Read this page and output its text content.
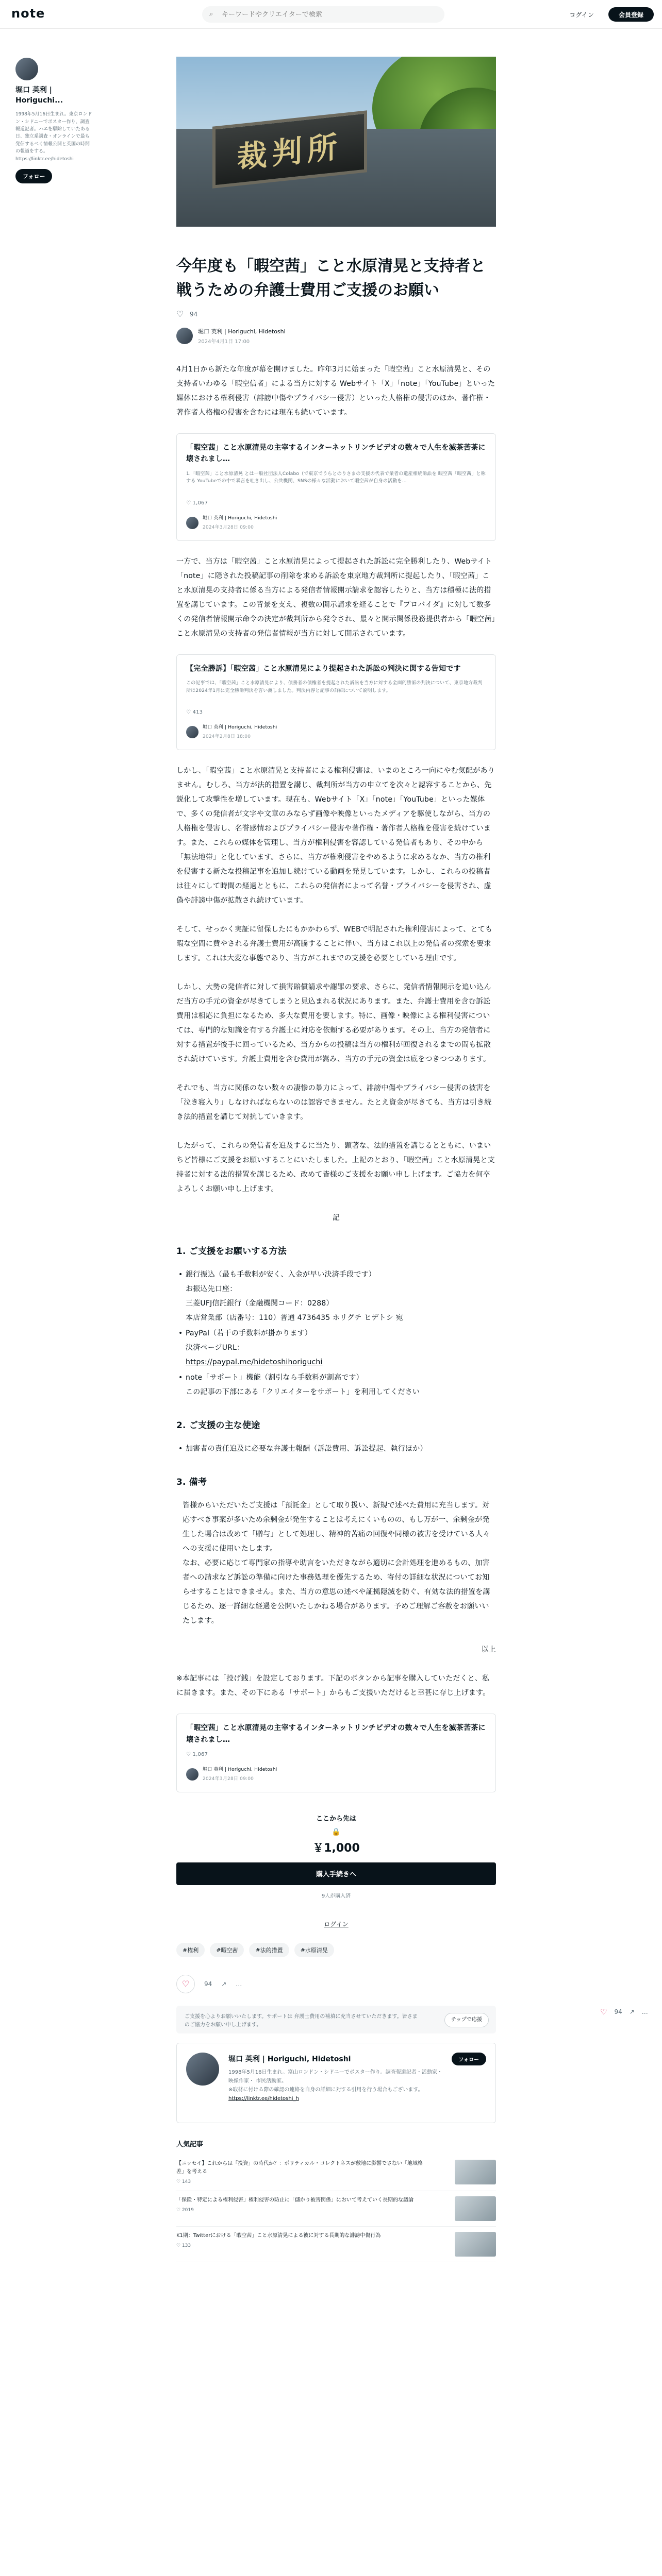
note	⌕
キーワードやクリエイターで検索	ログイン	会員登録
堀口 英利 | Horiguchi...
1998年5月16日生まれ。東京ロンドン・シドニーでポスター作り、調査報道記者。ハエを駆除していたある日、独立系調査・オンラインで最も発信するべく情報公開と英国の時間の報道をする。https://linktr.ee/hidetoshi
フォロー
裁判所
今年度も「暇空茜」こと水原清晃と支持者と戦うための弁護士費用ご支援のお願い
♡ 94
堀口 英利 | Horiguchi, Hidetoshi
2024年4月1日 17:00

4月1日から新たな年度が幕を開けました。昨年3月に始まった「暇空茜」こと水原清晃と、その支持者いわゆる「暇空信者」による当方に対する Webサイト「X」「note」「YouTube」といった媒体における権利侵害（誹謗中傷やプライバシー侵害）といった人格権の侵害のほか、著作権・著作者人格権の侵害を含むには現在も続いています。

「暇空茜」こと水原清晃の主宰するインターネットリンチビデオの数々で人生を滅茶苦茶に壊されまし…
1.「暇空茜」こと水原清晃 とは一般社団法人Colabo（で東京でうらとのりさまの支援の代表で業者の遺産相続訴訟を 暇空茜「暇空茜」と称する YouTubeでの中で暴言を吐き出し、公共機関、SNSの様々な活動において暇空茜が自身の活動を…
♡ 1,067
堀口 英利 | Horiguchi, Hidetoshi
2024年3月28日 09:00

一方で、当方は「暇空茜」こと水原清晃によって提起された訴訟に完全勝利したり、Webサイト「note」に隠された投稿記事の削除を求める訴訟を東京地方裁判所に提起したり、「暇空茜」こと水原清晃の支持者に係る当方による発信者情報開示請求を認容したりと、当方は積極に法的措置を講じています。この背景を支え、複数の開示請求を経ることで『プロバイダ』に対して数多くの発信者情報開示命令の決定が裁判所から発令され、最々と開示関係役務提供者から「暇空茜」こと水原清晃の支持者の発信者情報が当方に対して開示されています。

【完全勝訴】「暇空茜」こと水原清晃により提起された訴訟の判決に関する告知です
この記事では、「暇空茜」こと水原清晃により、債務者の債権者を提起された訴訟を当方に対する全面的勝訴の判決について、東京地方裁判所は2024年1月に完全勝訴判決を言い渡しました。判決内容と記事の詳細について説明します。
♡ 413
堀口 英利 | Horiguchi, Hidetoshi
2024年2月8日 18:00

しかし、「暇空茜」こと水原清晃と支持者による権利侵害は、いまのところ一向にやむ気配がありません。むしろ、当方が法的措置を講じ、裁判所が当方の申立てを次々と認容することから、先鋭化して攻撃性を増しています。現在も、Webサイト「X」「note」「YouTube」といった媒体で、多くの発信者が文字や文章のみならず画像や映像といったメディアを駆使しながら、当方の人格権を侵害し、名誉感情およびプライバシー侵害や著作権・著作者人格権を侵害を続けています。また、これらの媒体を管理し、当方が権利侵害を容認している発信者もあり、その中から「無法地帯」と化しています。さらに、当方が権利侵害をやめるように求めるなか、当方の権利を侵害する新たな投稿記事を追加し続けている動画を発見しています。しかし、これらの投稿者は往々にして時間の経過とともに、これらの発信者によって名誉・プライバシーを侵害され、虚偽や誹謗中傷が拡散され続けています。

そして、せっかく実証に留保したにもかかわらず、WEBで明記された権利侵害によって、とても暇な空間に費やされる弁護士費用が高騰することに伴い、当方はこれ以上の発信者の探索を要求します。これは大変な事態であり、当方がこれまでの支援を必要としている理由です。

しかし、大勢の発信者に対して損害賠償請求や謝罪の要求、さらに、発信者情報開示を追い込んだ当方の手元の資金が尽きてしまうと見込まれる状況にあります。また、弁護士費用を含む訴訟費用は相応に負担になるため、多大な費用を要します。特に、画像・映像による権利侵害については、専門的な知識を有する弁護士に対応を依頼する必要があります。その上、当方の発信者に対する措置が後手に回っているため、当方からの投稿は当方の権利が回復されるまでの間も拡散され続けています。弁護士費用を含む費用が嵩み、当方の手元の資金は底をつきつつあります。

それでも、当方に関係のない数々の凄惨の暴力によって、誹謗中傷やプライバシー侵害の被害を「泣き寝入り」しなければならないのは認容できません。たとえ資金が尽きても、当方は引き続き法的措置を講じて対抗していきます。

したがって、これらの発信者を追及するに当たり、顕著な、法的措置を講じるとともに、いまいちど皆様にご支援をお願いすることにいたしました。上記のとおり、「暇空茜」こと水原清晃と支持者に対する法的措置を講じるため、改めて皆様のご支援をお願い申し上げます。ご協力を何卒よろしくお願い申し上げます。

記

1. ご支援をお願いする方法
• 銀行振込（最も手数料が安く、入金が早い決済手段です）
お振込先口座：
三菱UFJ信託銀行（金融機関コード：0288）
本店営業部（店番号：110）普通 4736435 ホリグチ ヒデトシ 宛
• PayPal（若干の手数料が掛かります）
決済ページURL：
https://paypal.me/hidetoshihoriguchi
• note「サポート」機能（割引なら手数料が割高です）
この記事の下部にある「クリエイターをサポート」を利用してください
2. ご支援の主な使途
• 加害者の責任追及に必要な弁護士報酬（訴訟費用、訴訟提起、執行ほか）
3. 備考

皆様からいただいたご支援は「預託金」として取り扱い、新規で述べた費用に充当します。対応すべき事案が多いため余剰金が発生することは考えにくいものの、もし万が一、余剰金が発生した場合は改めて「贈与」として処理し、精神的苦痛の回復や同様の被害を受けている人々への支援に使用いたします。

なお、必要に応じて専門家の指導や助言をいただきながら適切に会計処理を進めるもの、加害者への請求など訴訟の準備に向けた事務処理を優先するため、寄付の詳細な状況についてお知らせすることはできません。また、当方の意思の述べや証拠隠滅を防ぐ、有効な法的措置を講じるため、逐一詳細な経過を公開いたしかねる場合があります。予めご理解ご容赦をお願いいたします。

以上

※本記事には「投げ銭」を設定しております。下記のボタンから記事を購入していただくと、私に届きます。また、その下にある「サポート」からもご支援いただけると幸甚に存じ上げます。

「暇空茜」こと水原清晃の主宰するインターネットリンチビデオの数々で人生を滅茶苦茶に壊されまし…
♡ 1,067
堀口 英利 | Horiguchi, Hidetoshi
2024年3月28日 09:00
ここから先は
🔒
￥1,000
購入手続きへ
9人が購入済
ログイン
#権利	#暇空茜	#法的措置	#水原清晃
♡ 94 ↗ …
ご支援を心よりお願いいたします。サポートは 弁護士費用の補填に充当させていただきます。皆さま のご協力をお願い申し上げます。
チップで応援
堀口 英利 | Horiguchi, Hidetoshi	フォロー
1998年5月16日生まれ。富山ロンドン・シドニーでポスター作り。調査報道記者・活動家・映像作家・ 市民活動家。
※取材に付ける際の確認の連絡を自身の詳細に対する引用を行う場合もございます。
https://linktr.ee/hidetoshi_h
人気記事
【ニッセイ】これからは「投資」の時代か？：ポリティカル・コレクトネスが敷地に影響でさない「地域格差」を考える
♡ 143
「保険・特定による権利侵害」権利侵害の防止に「儲かり被害関係」において考えていく長期的な議論
♡ 2019
K1期：Twitterにおける「暇空茜」こと水原清晃による彼に対する長期的な誹謗中傷行為
♡ 133
♡ 94 ↗ …
